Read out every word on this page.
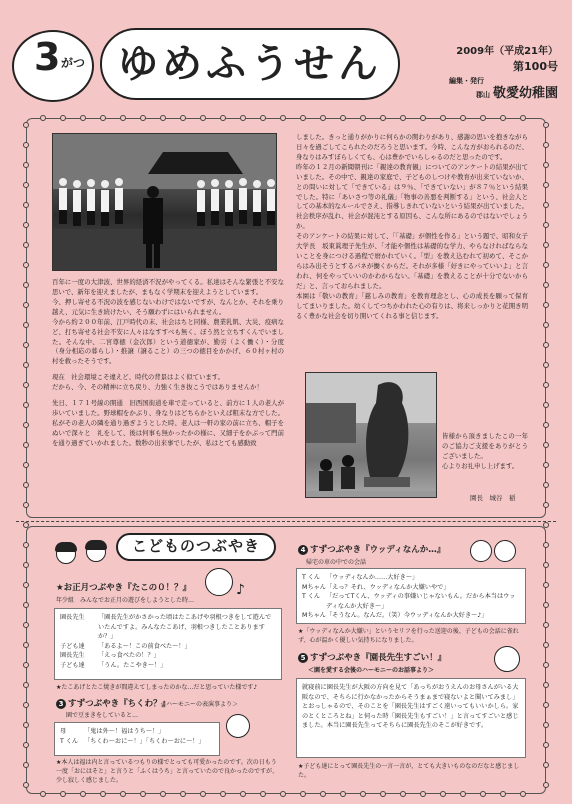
3 がつ ゆめふうせん	2009年（平成21年）
第100号
編集・発行
郡山 敬愛幼稚園

百年に一度の大津波、世界的経済不況がやってくる。私達はそんな緊張と不安な思いで、新年を迎えましたが、まもなく学期末を迎えようとしています。

今、押し寄せる不況の波を感じないわけではないですが、なんとか、それを乗り越え、元気に生き続けたい、そう願わずにはいられません。

今から約２００年前、江戸時代の末、社会はちと同様、農業乳飢、大災、疫病など、打ち寄せる社会不安に人々はなすすべも無く、ぼう然と立ちすくんでいました。そんな中、二宮尊徳（金次郎）という道徳家が、勤労（よく働く）・分度（身分相応の暮らし）・推譲（譲ること）の三つの徳目をかかげ、６０村ヶ村の村を救ったそうです。

現在　社会環境こそ違えど、時代の背景はよく似ています。

だから、今、その精神に立ち戻り、力強く生き抜こうではありませんか！

先日、１７１号線の開通　旧西国街道を車で走っていると、前方に１人の老人が歩いていました。野球帽をかぶり、身なりはどちらかといえば粗末な方でした。私がその老人の隣を通り過ぎようとした時、老人は一軒の家の前に立ち、帽子をぬいで深々と　礼をして、後は何事も無かったかの様に、又細子をかぶって門前を通り過ぎていかれました。数秒の出来事でしたが、私はとても感動致

しました。きっと通りがかりに何らかの関わりがあり、感謝の思いを抱きながら日々を過ごしてこられたのだろうと思います。今時、こんな方がおられるのだ、身なりはみすぼらしくても、心は豊かでいらしゃるのだと思ったのです。

昨年の１２月の新聞朝刊に「親達の教育観」についてのアンケートの結果が出ていました。その中で、親達の家庭で、子どものしつけや教育が出来ていないか、との問いに対して「できている」は９％、「できていない」が８７％という結果でした。特に「あいさつ等の礼儀」「物事の善悪を判断する」という、社会人としての基本的なルールでさえ、指導しきれていないという結果が出ていました。社会秩序が乱れ、社会が混沌とする原因も、こんな所にあるのではないでしょうか。

そのアンケートの結果に対して、「「基礎」が個性を作る」という題で、昭和女子大学長　坂東眞理子先生が、「才能や個性は基礎的な学力、やらなければならないことを身につける過程で磨かれていく。「型」を教え込むれて初めて、そこからはみ出そうとするパネが働くからだ。それが多様「好きにやっていいよ」と言われ、何をやっていいのかわからない。「基礎」を教えることが十分でないからだ」と、言っておられました。

本園は「敬いの教育」「慈しみの教育」を教育理念とし、心の成長を願って保育してまいりました。幼くしてつちかわれた心の有りは、将来しっかりと花開き明るく豊かな社会を切り開いてくれる事と信じます。

皆様から頂きましたこの一年のご協力ご支援をありがとうございました。

心よりお礼申し上げます。

園長　城谷　稲
こどものつぶやき
★お正月つぶやき『たこの０！？』
年少組　みんなでお正月の遊びをしようとした時…
♪
園長先生	「園長先生がかさかった頃はたこあげや羽根つきをして遊んでいたんですよ。みんなたこあげ、羽根つきしたことありますか？」
子ども達	「あるよ～！この前食べた～！」
園長先生	「えっ食べたの！？」
子ども達	「うん。たこやき～！」
★たこあげとたこ焼きが間違えてしまったのかな…だと思っていた様です♪
3 すずつぶやき『ちくわ？』
＜ハーモニーの表演事より＞
園で豆まきをしていると…
母	「鬼は外～！福はうち～！」
T くん 「ちくわ～おに～！」「ちくわ～おに～！」
★本人は福は内と言っているつもりの様でとっても可愛かったのです。次の日もう一度「おにはそと」と言うと「ふくはうち」と言っていたので良かったのですが、少し寂しく感じました。
4 すずつぶやき『ウッディなんか…』
帰宅の車の中での会話
T くん 「ウッディなんか……大好き～」
Mちゃん 「えっ？それ、ウッディなんか大嫌いやで」
T くん 「だってTくん、ウッディの事嫌いじゃないもん。だから本当はウッディなんか大好き～」
Mちゃん 「そうなん。なんだ。（笑）今ウッディなんか大好き～♪」
★「ウッディなんか大嫌い」というセリフを行った送迎の後、子どもの会話に雀れず、心が温かく優しい気持ちになりました。
5 すずつぶやき『園長先生すごい！』
＜園を愛する会後のハーモニーのお話事より＞

就寝前に園長先生が大阪の方向を見て「あっちがおうえんのお母さんがいる大阪なので、そちらに行かなかったからそうまぁまで寝ないよと聞いてみまし」とおっしゃるので、そのことを「園長先生はすごく遠いってもいいかしら。家のとくところとね」と伺った時「園長先生もすごい！」と言ってすごいと感じました。本当に園長先生ってそちらに園長先生のそこが好きです。

★子ども達にとって園長先生の一言一言が、とても大きいものなのだなと感じました。
